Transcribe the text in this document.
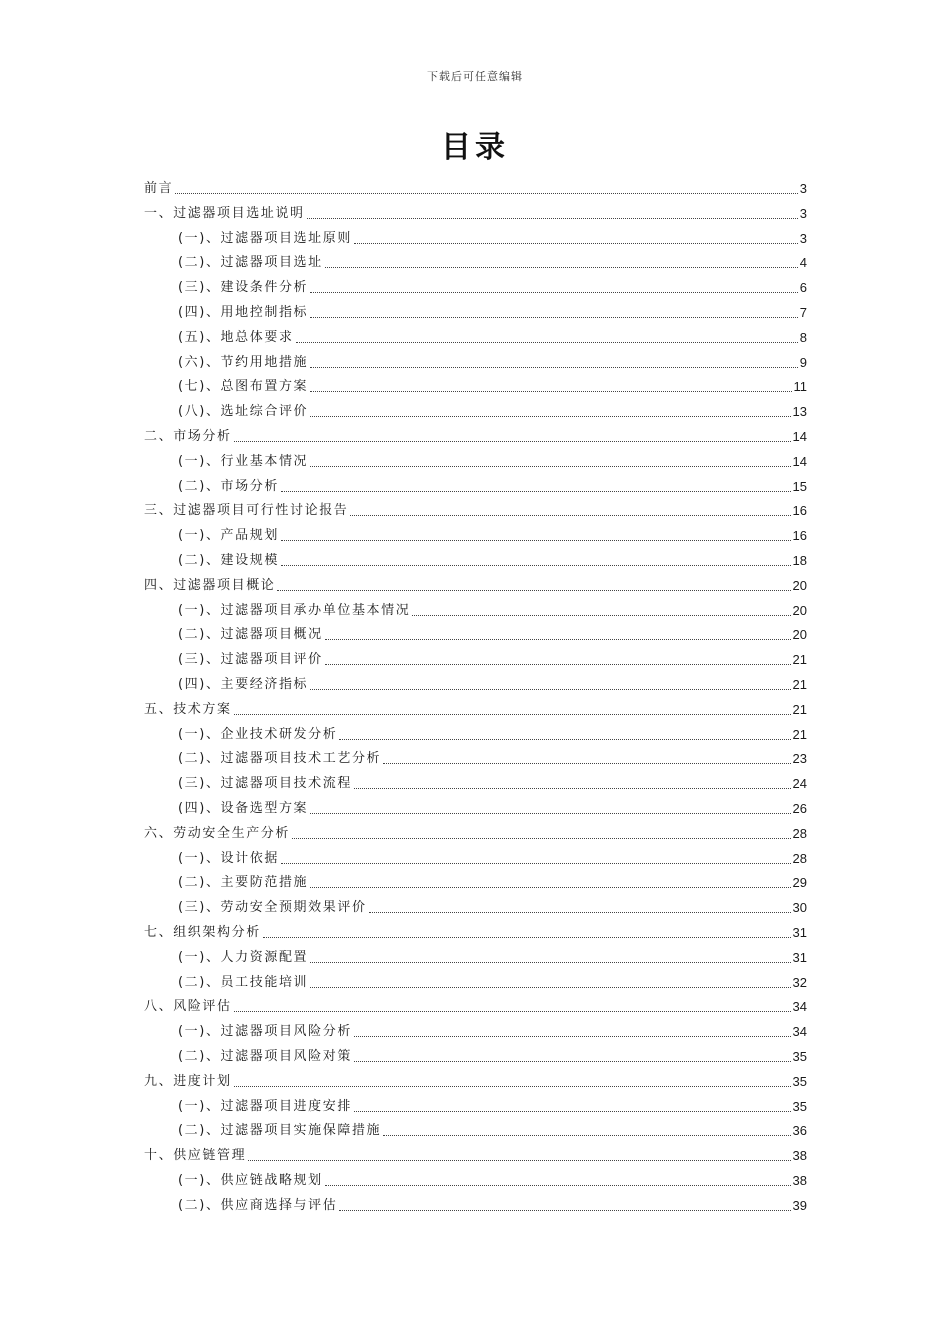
下载后可任意编辑
目录
前言	3
一、过滤器项目选址说明	3
(一)、过滤器项目选址原则	3
(二)、过滤器项目选址	4
(三)、建设条件分析	6
(四)、用地控制指标	7
(五)、地总体要求	8
(六)、节约用地措施	9
(七)、总图布置方案	11
(八)、选址综合评价	13
二、市场分析	14
(一)、行业基本情况	14
(二)、市场分析	15
三、过滤器项目可行性讨论报告	16
(一)、产品规划	16
(二)、建设规模	18
四、过滤器项目概论	20
(一)、过滤器项目承办单位基本情况	20
(二)、过滤器项目概况	20
(三)、过滤器项目评价	21
(四)、主要经济指标	21
五、技术方案	21
(一)、企业技术研发分析	21
(二)、过滤器项目技术工艺分析	23
(三)、过滤器项目技术流程	24
(四)、设备选型方案	26
六、劳动安全生产分析	28
(一)、设计依据	28
(二)、主要防范措施	29
(三)、劳动安全预期效果评价	30
七、组织架构分析	31
(一)、人力资源配置	31
(二)、员工技能培训	32
八、风险评估	34
(一)、过滤器项目风险分析	34
(二)、过滤器项目风险对策	35
九、进度计划	35
(一)、过滤器项目进度安排	35
(二)、过滤器项目实施保障措施	36
十、供应链管理	38
(一)、供应链战略规划	38
(二)、供应商选择与评估	39
